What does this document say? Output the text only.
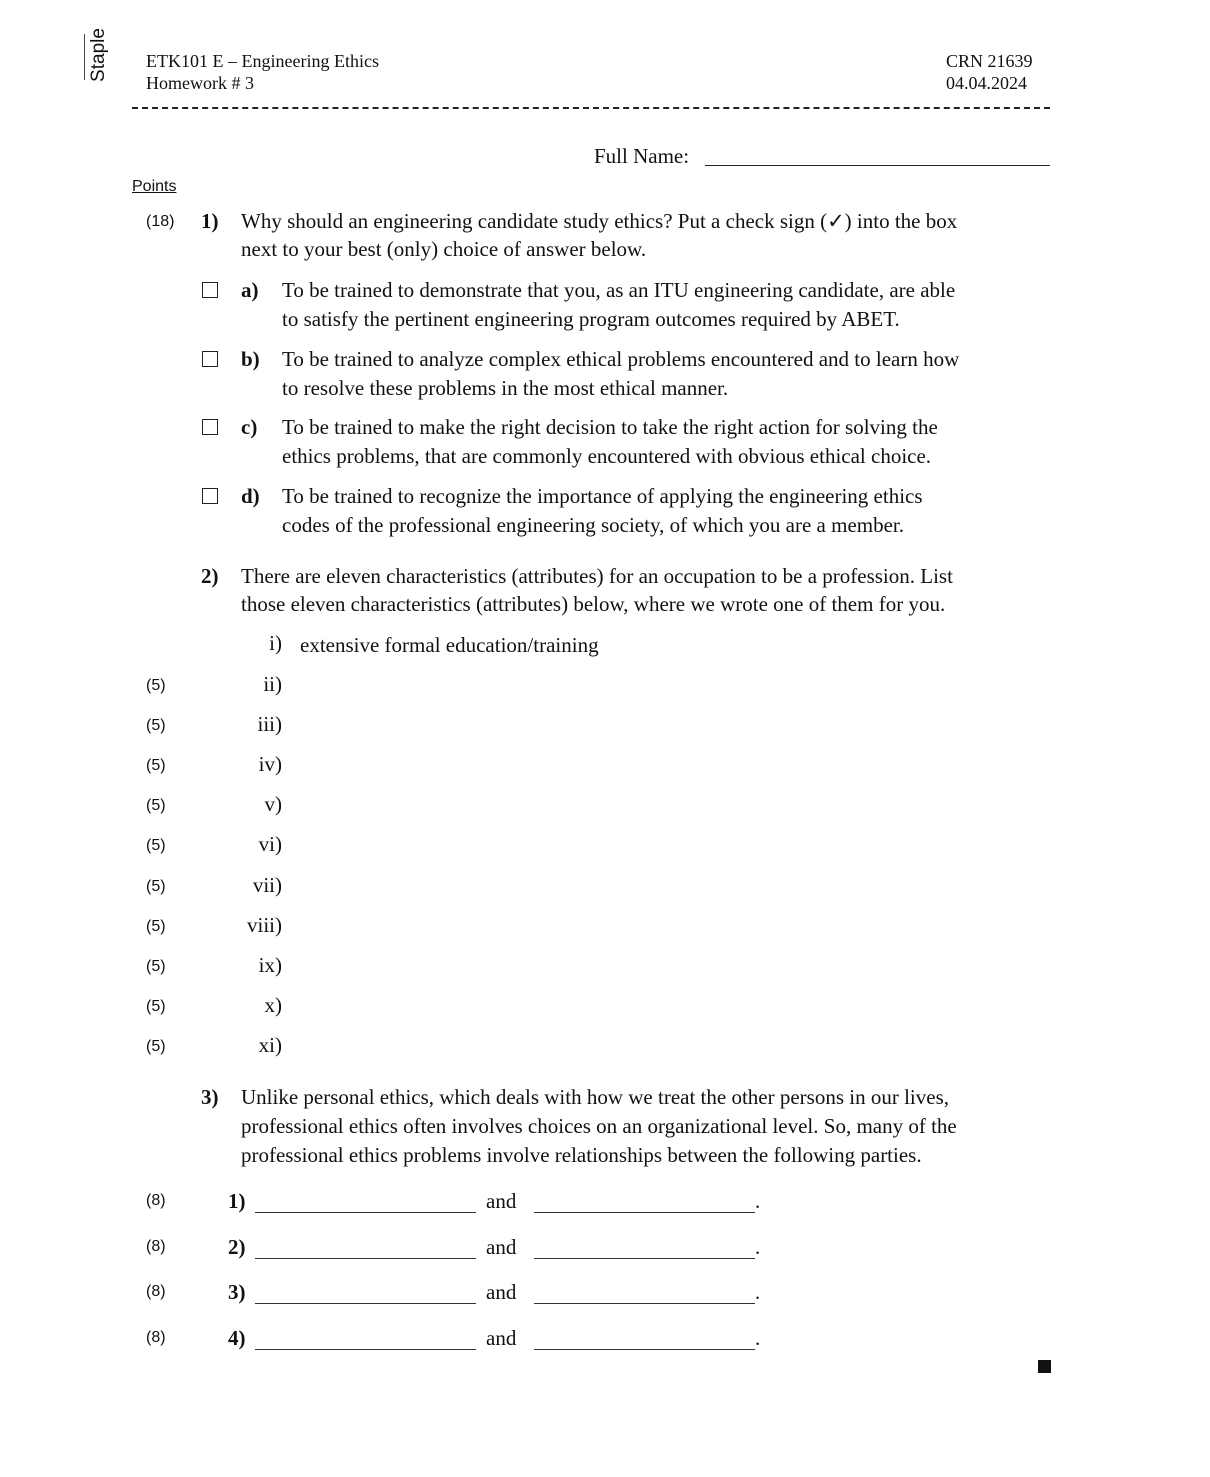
Staple ETK101 E – Engineering Ethics
Homework # 3
CRN 21639
04.04.2024
Full Name:
Points
(18) 1) Why should an engineering candidate study ethics? Put a check sign (✓) into the box
next to your best (only) choice of answer below.
a) To be trained to demonstrate that you, as an ITU engineering candidate, are able
to satisfy the pertinent engineering program outcomes required by ABET.
b) To be trained to analyze complex ethical problems encountered and to learn how
to resolve these problems in the most ethical manner.
c) To be trained to make the right decision to take the right action for solving the
ethics problems, that are commonly encountered with obvious ethical choice.
d) To be trained to recognize the importance of applying the engineering ethics
codes of the professional engineering society, of which you are a member.
2) There are eleven characteristics (attributes) for an occupation to be a profession. List
those eleven characteristics (attributes) below, where we wrote one of them for you.
i) extensive formal education/training
(5)	ii)
(5)	iii)
(5)	iv)
(5)	v)
(5)	vi)
(5)	vii)
(5)	viii)
(5)	ix)
(5)	x)
(5)	xi)
3) Unlike personal ethics, which deals with how we treat the other persons in our lives,
professional ethics often involves choices on an organizational level. So, many of the
professional ethics problems involve relationships between the following parties.
(8)	1)	and	.
(8)	2)	and	.
(8)	3)	and	.
(8)	4)	and	.
